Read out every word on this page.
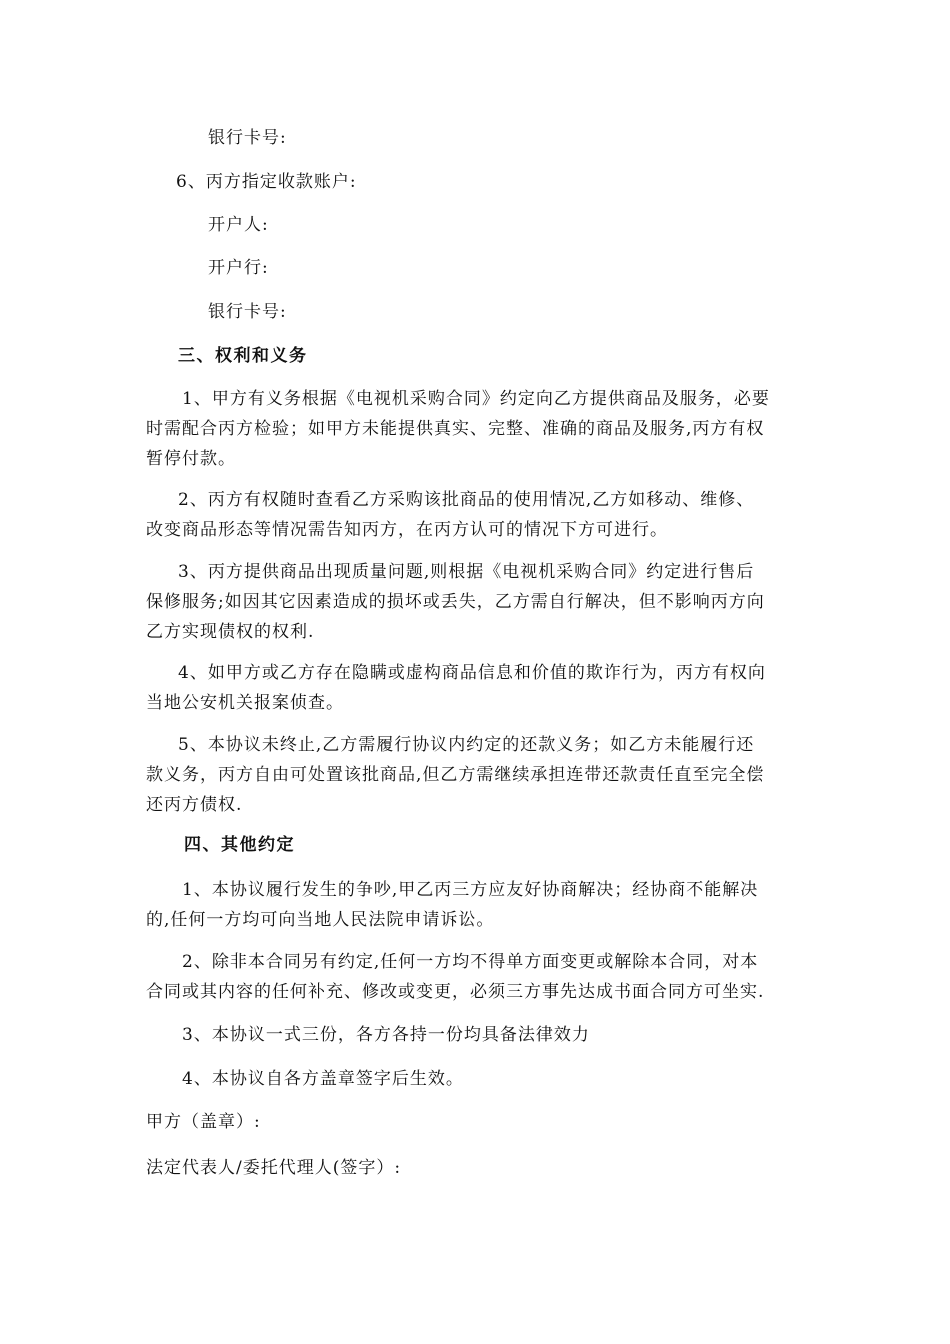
银行卡号:
6、丙方指定收款账户:
开户人:
开户行:
银行卡号:
三、权利和义务
1、甲方有义务根据《电视机采购合同》约定向乙方提供商品及服务，必要
时需配合丙方检验；如甲方未能提供真实、完整、准确的商品及服务,丙方有权
暂停付款。
2、丙方有权随时查看乙方采购该批商品的使用情况,乙方如移动、维修、
改变商品形态等情况需告知丙方，在丙方认可的情况下方可进行。
3、丙方提供商品出现质量问题,则根据《电视机采购合同》约定进行售后
保修服务;如因其它因素造成的损坏或丢失，乙方需自行解决，但不影响丙方向
乙方实现债权的权利.
4、如甲方或乙方存在隐瞒或虚构商品信息和价值的欺诈行为，丙方有权向
当地公安机关报案侦查。
5、本协议未终止,乙方需履行协议内约定的还款义务；如乙方未能履行还
款义务，丙方自由可处置该批商品,但乙方需继续承担连带还款责任直至完全偿
还丙方债权.
四、其他约定
1、本协议履行发生的争吵,甲乙丙三方应友好协商解决；经协商不能解决
的,任何一方均可向当地人民法院申请诉讼。
2、除非本合同另有约定,任何一方均不得单方面变更或解除本合同，对本
合同或其内容的任何补充、修改或变更，必须三方事先达成书面合同方可坐实.
3、本协议一式三份，各方各持一份均具备法律效力
4、本协议自各方盖章签字后生效。
甲方（盖章）:
法定代表人/委托代理人(签字）:
